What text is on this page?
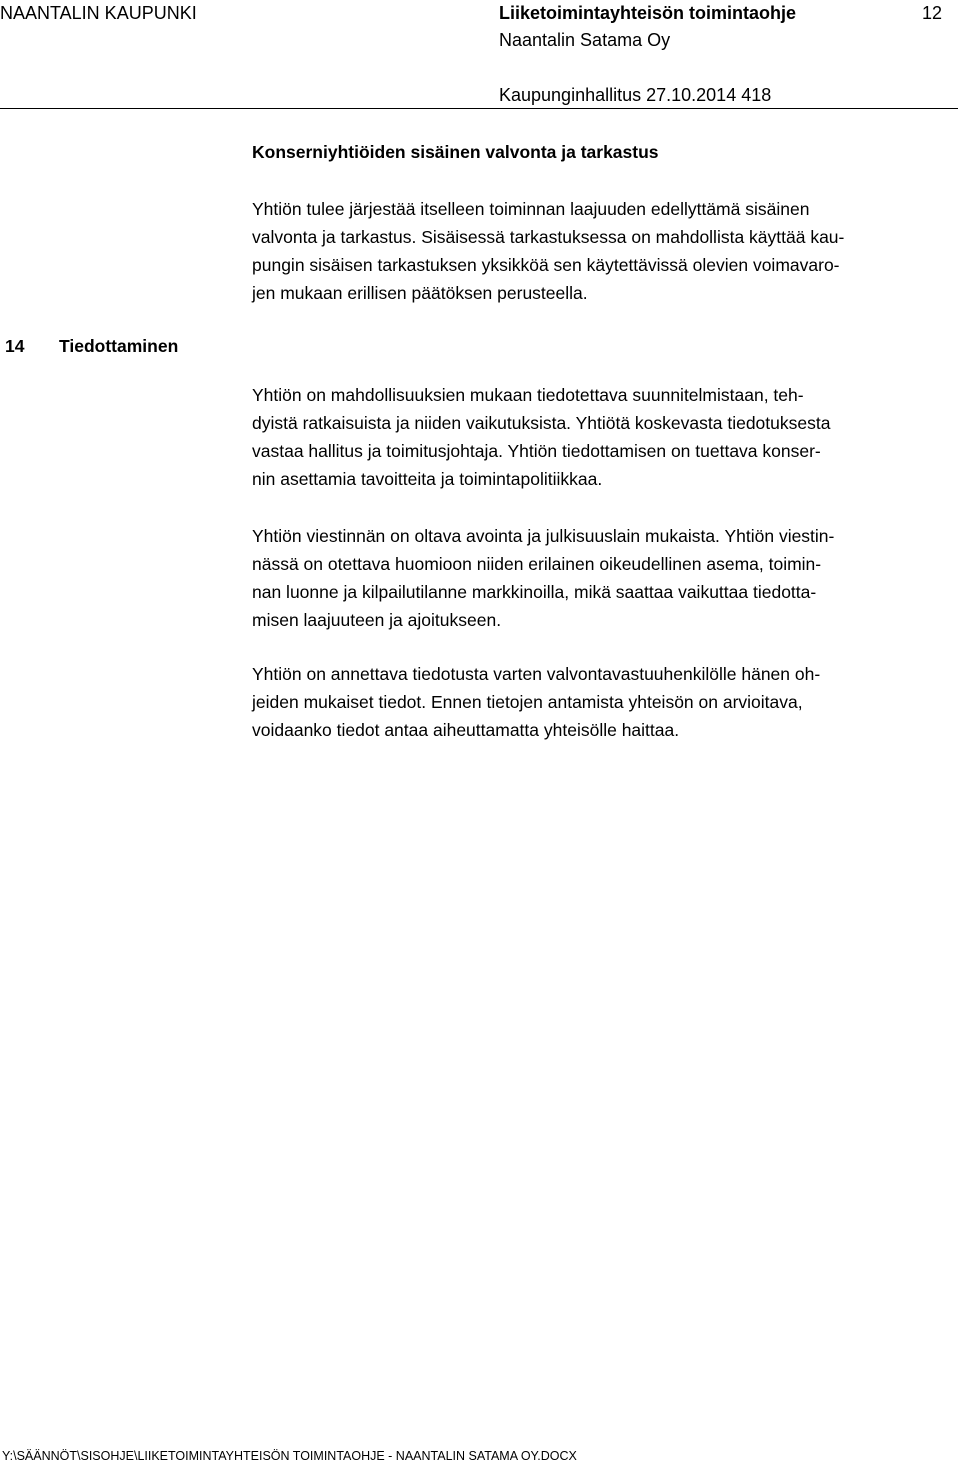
NAANTALIN KAUPUNKI	Liiketoimintayhteisön toimintaohje	12
Naantalin Satama Oy
Kaupunginhallitus 27.10.2014 418
Konserniyhtiöiden sisäinen valvonta ja tarkastus

Yhtiön tulee järjestää itselleen toiminnan laajuuden edellyttämä sisäinen
valvonta ja tarkastus. Sisäisessä tarkastuksessa on mahdollista käyttää kau-
pungin sisäisen tarkastuksen yksikköä sen käytettävissä olevien voimavaro-
jen mukaan erillisen päätöksen perusteella.

14 Tiedottaminen

Yhtiön on mahdollisuuksien mukaan tiedotettava suunnitelmistaan, teh-
dyistä ratkaisuista ja niiden vaikutuksista. Yhtiötä koskevasta tiedotuksesta
vastaa hallitus ja toimitusjohtaja. Yhtiön tiedottamisen on tuettava konser-
nin asettamia tavoitteita ja toimintapolitiikkaa.

Yhtiön viestinnän on oltava avointa ja julkisuuslain mukaista. Yhtiön viestin-
nässä on otettava huomioon niiden erilainen oikeudellinen asema, toimin-
nan luonne ja kilpailutilanne markkinoilla, mikä saattaa vaikuttaa tiedotta-
misen laajuuteen ja ajoitukseen.

Yhtiön on annettava tiedotusta varten valvontavastuuhenkilölle hänen oh-
jeiden mukaiset tiedot. Ennen tietojen antamista yhteisön on arvioitava,
voidaanko tiedot antaa aiheuttamatta yhteisölle haittaa.

Y:\SÄÄNNÖT\SISOHJE\LIIKETOIMINTAYHTEISÖN TOIMINTAOHJE - NAANTALIN SATAMA OY.DOCX
